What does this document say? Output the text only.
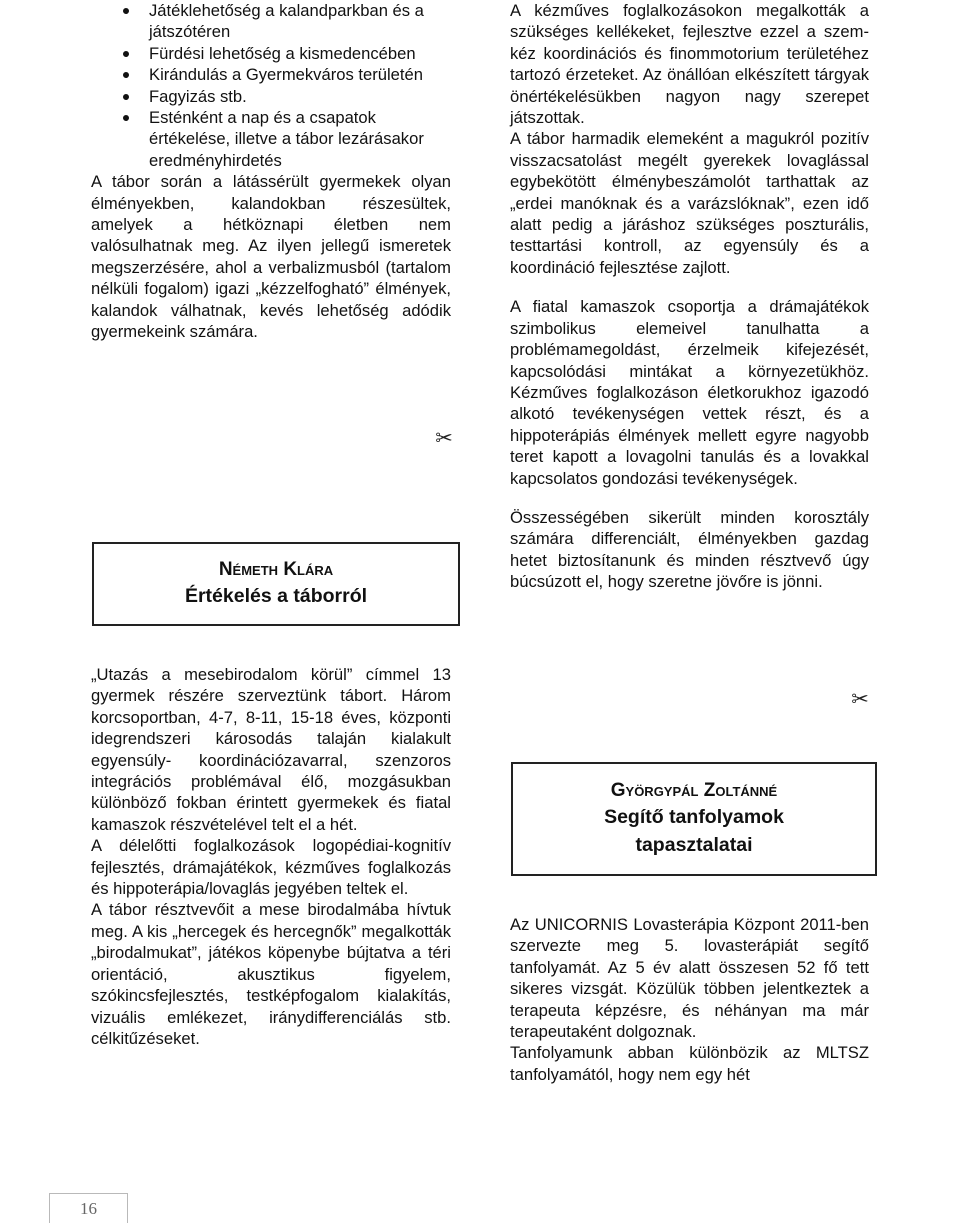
Játéklehetőség a kalandparkban és a játszótéren
Fürdési lehetőség a kismedencében
Kirándulás a Gyermekváros területén
Fagyizás stb.
Esténként a nap és a csapatok értékelése, illetve a tábor lezárásakor eredményhirdetés

A tábor során a látássérült gyermekek olyan élményekben, kalandokban részesültek, amelyek a hétköznapi életben nem valósulhatnak meg. Az ilyen jellegű ismeretek megszerzésére, ahol a verbalizmusból (tartalom nélküli fogalom) igazi „kézzelfogható” élmények, kalandok válhatnak, kevés lehetőség adódik gyermekeink számára.

✂
Németh Klára
Értékelés a táborról

„Utazás a mesebirodalom körül” címmel 13 gyermek részére szerveztünk tábort. Három korcsoportban, 4-7, 8-11, 15-18 éves, központi idegrendszeri károsodás talaján kialakult egyensúly- koordinációzavarral, szenzoros integrációs problémával élő, mozgásukban különböző fokban érintett gyermekek és fiatal kamaszok részvételével telt el a hét.

A délelőtti foglalkozások logopédiai-kognitív fejlesztés, drámajátékok, kézműves foglalkozás és hippoterápia/lovaglás jegyében teltek el.

A tábor résztvevőit a mese birodalmába hívtuk meg. A kis „hercegek és hercegnők” megalkották „birodalmukat”, játékos köpenybe bújtatva a téri orientáció, akusztikus figyelem, szókincsfejlesztés, testképfogalom kialakítás, vizuális emlékezet, iránydifferenciálás stb. célkitűzéseket.

A kézműves foglalkozásokon megalkották a szükséges kellékeket, fejlesztve ezzel a szem-kéz koordinációs és finommotorium területéhez tartozó érzeteket. Az önállóan elkészített tárgyak önértékelésükben nagyon nagy szerepet játszottak.

A tábor harmadik elemeként a magukról pozitív visszacsatolást megélt gyerekek lovaglással egybekötött élménybeszámolót tarthattak az „erdei manóknak és a varázslóknak”, ezen idő alatt pedig a járáshoz szükséges poszturális, testtartási kontroll, az egyensúly és a koordináció fejlesztése zajlott.

A fiatal kamaszok csoportja a drámajátékok szimbolikus elemeivel tanulhatta a problémamegoldást, érzelmeik kifejezését, kapcsolódási mintákat a környezetükhöz. Kézműves foglalkozáson életkorukhoz igazodó alkotó tevékenységen vettek részt, és a hippoterápiás élmények mellett egyre nagyobb teret kapott a lovagolni tanulás és a lovakkal kapcsolatos gondozási tevékenységek.

Összességében sikerült minden korosztály számára differenciált, élményekben gazdag hetet biztosítanunk és minden résztvevő úgy búcsúzott el, hogy szeretne jövőre is jönni.

✂
Györgypál Zoltánné
Segítő tanfolyamok
tapasztalatai

Az UNICORNIS Lovasterápia Központ 2011-ben szervezte meg 5. lovasterápiát segítő tanfolyamát. Az 5 év alatt összesen 52 fő tett sikeres vizsgát. Közülük többen jelentkeztek a terapeuta képzésre, és néhányan ma már terapeutaként dolgoznak.

Tanfolyamunk abban különbözik az MLTSZ tanfolyamától, hogy nem egy hét

16
